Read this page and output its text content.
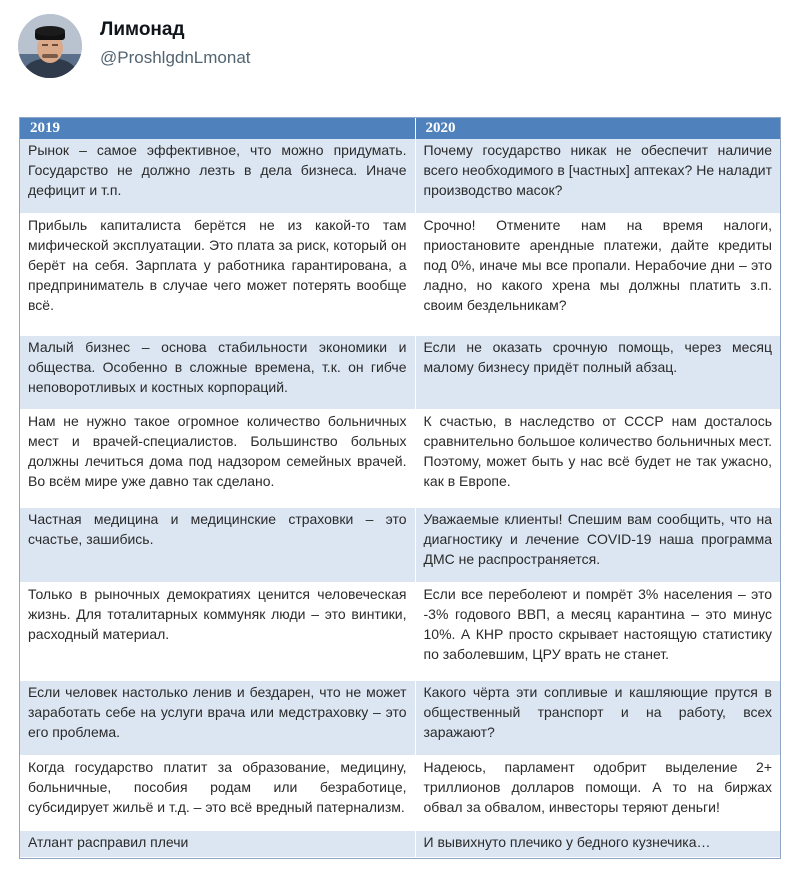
Лимонад
@ProshlgdnLmonat
2019	2020
Рынок – самое эффективное, что можно придумать. Государство не должно лезть в дела бизнеса. Иначе дефицит и т.п.	Почему государство никак не обеспечит наличие всего необходимого в [частных] аптеках? Не наладит производство масок?
Прибыль капиталиста берётся не из какой-то там мифической эксплуатации. Это плата за риск, который он берёт на себя. Зарплата у работника гарантирована, а предприниматель в случае чего может потерять вообще всё.	Срочно! Отмените нам на время налоги, приостановите арендные платежи, дайте кредиты под 0%, иначе мы все пропали. Нерабочие дни – это ладно, но какого хрена мы должны платить з.п. своим бездельникам?
Малый бизнес – основа стабильности экономики и общества. Особенно в сложные времена, т.к. он гибче неповоротливых и костных корпораций.	Если не оказать срочную помощь, через месяц малому бизнесу придёт полный абзац.
Нам не нужно такое огромное количество больничных мест и врачей-специалистов. Большинство больных должны лечиться дома под надзором семейных врачей. Во всём мире уже давно так сделано.	К счастью, в наследство от СССР нам досталось сравнительно большое количество больничных мест. Поэтому, может быть у нас всё будет не так ужасно, как в Европе.
Частная медицина и медицинские страховки – это счастье, зашибись.	Уважаемые клиенты! Спешим вам сообщить, что на диагностику и лечение COVID-19 наша программа ДМС не распространяется.
Только в рыночных демократиях ценится человеческая жизнь. Для тоталитарных коммуняк люди – это винтики, расходный материал.	Если все переболеют и помрёт 3% населения – это -3% годового ВВП, а месяц карантина – это минус 10%. А КНР просто скрывает настоящую статистику по заболевшим, ЦРУ врать не станет.
Если человек настолько ленив и бездарен, что не может заработать себе на услуги врача или медстраховку – это его проблема.	Какого чёрта эти сопливые и кашляющие прутся в общественный транспорт и на работу, всех заражают?
Когда государство платит за образование, медицину, больничные, пособия родам или безработице, субсидирует жильё и т.д. – это всё вредный патернализм.	Надеюсь, парламент одобрит выделение 2+ триллионов долларов помощи. А то на биржах обвал за обвалом, инвесторы теряют деньги!
Атлант расправил плечи	И вывихнуто плечико у бедного кузнечика…
